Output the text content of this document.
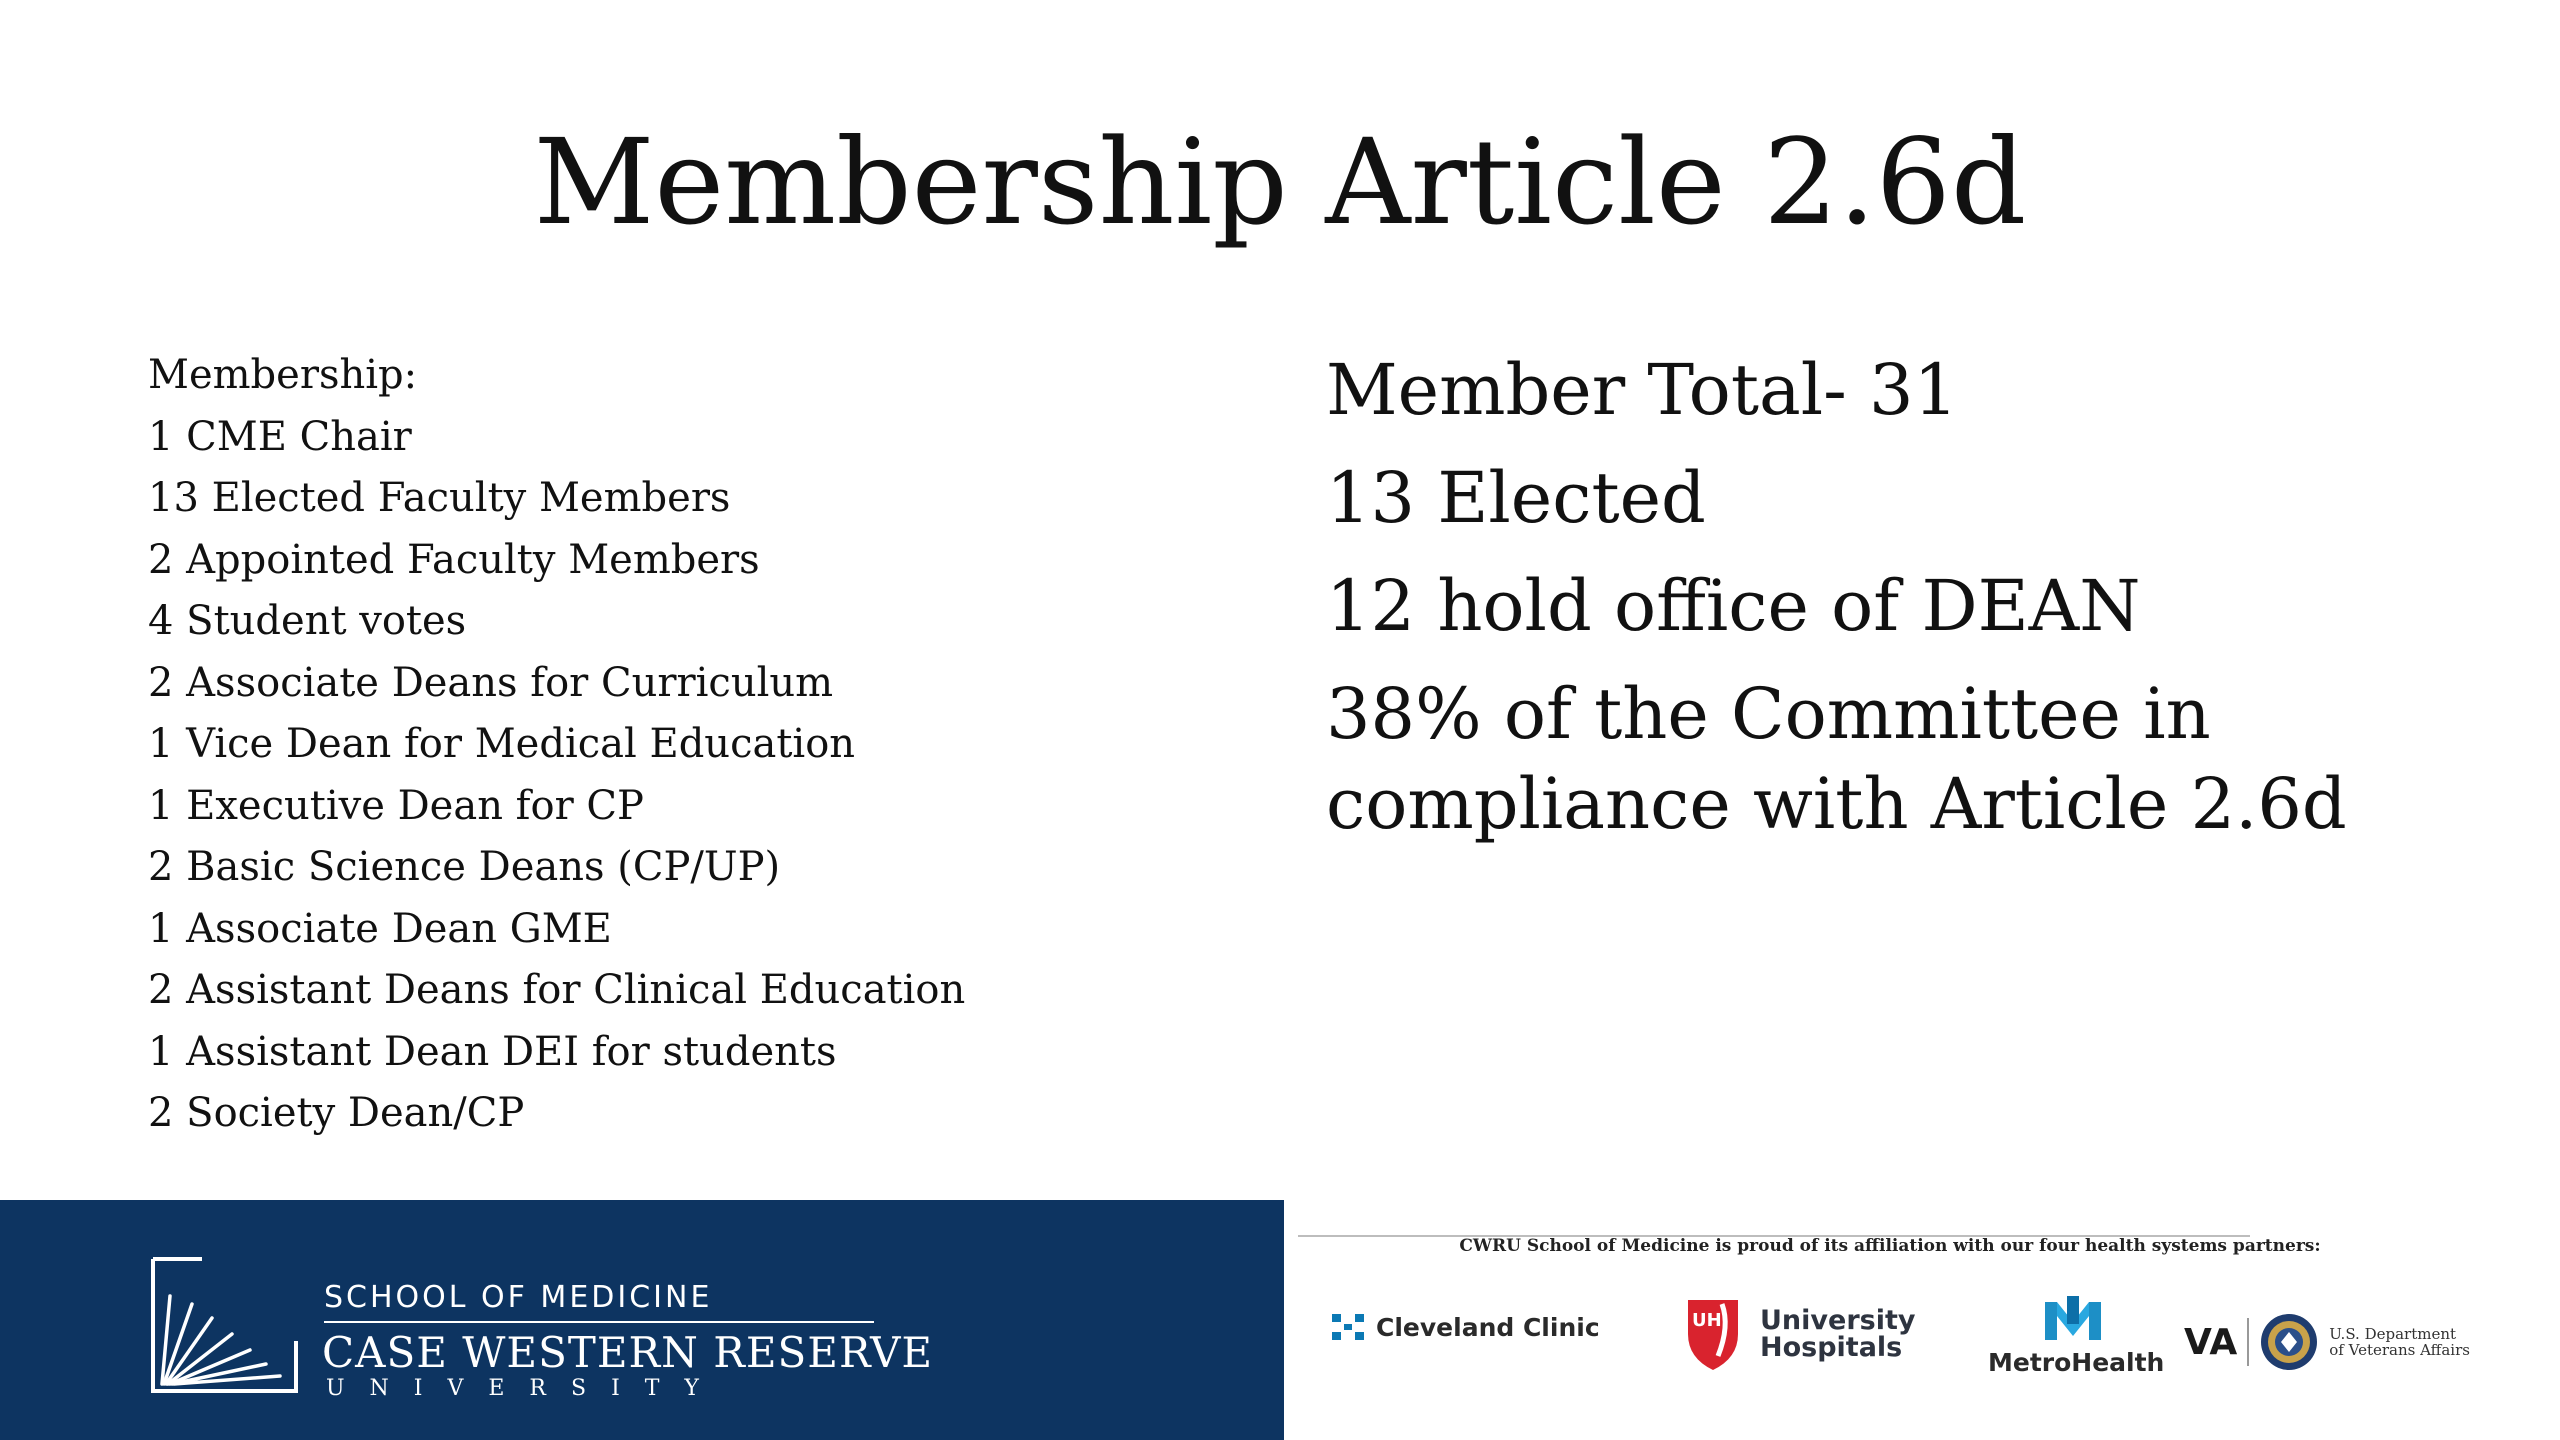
Membership Article 2.6d
Membership:
1 CME Chair
13 Elected Faculty Members
2 Appointed Faculty Members
4 Student votes
2 Associate Deans for Curriculum
1 Vice Dean for Medical Education
1 Executive Dean for CP
2 Basic Science Deans (CP/UP)
1 Associate Dean GME
2 Assistant Deans for Clinical Education
1 Assistant Dean DEI for students
2 Society Dean/CP
Member Total- 31
13 Elected
12 hold office of DEAN
38% of the Committee in compliance with Article 2.6d
SCHOOL OF MEDICINE
CASE WESTERN RESERVE
UNIVERSITY
CWRU School of Medicine is proud of its affiliation with our four health systems partners:
Cleveland Clinic	UH University
Hospitals	MetroHealth VA	U.S. Department
of Veterans Affairs
